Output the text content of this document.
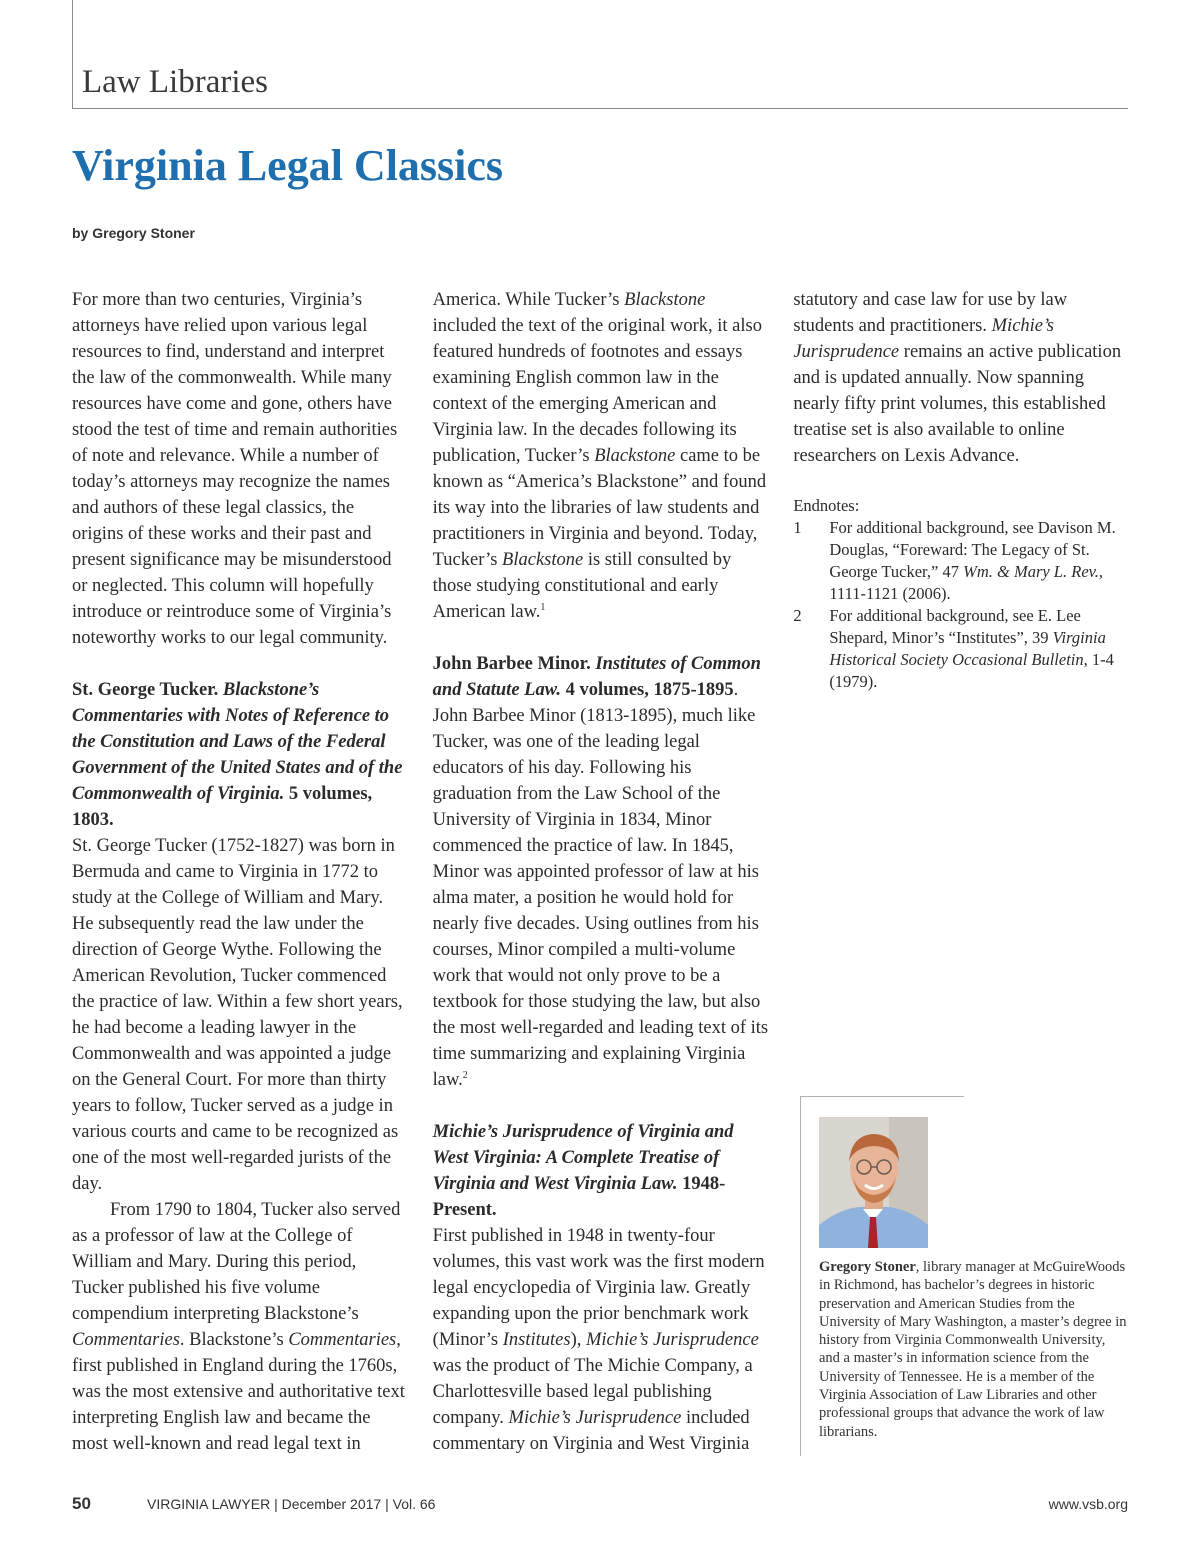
Law Libraries
Virginia Legal Classics
by Gregory Stoner

For more than two centuries, Virginia’s attorneys have relied upon various legal resources to find, understand and interpret the law of the commonwealth. While many resources have come and gone, others have stood the test of time and remain authorities of note and relevance. While a number of today’s attorneys may recognize the names and authors of these legal classics, the origins of these works and their past and present significance may be misunderstood or neglected. This column will hopefully introduce or reintroduce some of Virginia’s noteworthy works to our legal community.

St. George Tucker. Blackstone’s Commentaries with Notes of Reference to the Constitution and Laws of the Federal Government of the United States and of the Commonwealth of Virginia. 5 volumes, 1803.

St. George Tucker (1752-1827) was born in Bermuda and came to Virginia in 1772 to study at the College of William and Mary. He subsequently read the law under the direction of George Wythe. Following the American Revolution, Tucker commenced the practice of law. Within a few short years, he had become a leading lawyer in the Commonwealth and was appointed a judge on the General Court. For more than thirty years to follow, Tucker served as a judge in various courts and came to be recognized as one of the most well-regarded jurists of the day.

From 1790 to 1804, Tucker also served as a professor of law at the College of William and Mary. During this period, Tucker published his five volume compendium interpreting Blackstone’s Commentaries. Blackstone’s Commentaries, first published in England during the 1760s, was the most extensive and authoritative text interpreting English law and became the most well-known and read legal text in America. While Tucker’s Blackstone included the text of the original work, it also featured hundreds of footnotes and essays examining English common law in the context of the emerging American and Virginia law. In the decades following its publication, Tucker’s Blackstone came to be known as “America’s Blackstone” and found its way into the libraries of law students and practitioners in Virginia and beyond. Today, Tucker’s Blackstone is still consulted by those studying constitutional and early American law.$^1$

John Barbee Minor. Institutes of Common and Statute Law. 4 volumes, 1875-1895.

John Barbee Minor (1813-1895), much like Tucker, was one of the leading legal educators of his day. Following his graduation from the Law School of the University of Virginia in 1834, Minor commenced the practice of law. In 1845, Minor was appointed professor of law at his alma mater, a position he would hold for nearly five decades. Using outlines from his courses, Minor compiled a multi-volume work that would not only prove to be a textbook for those studying the law, but also the most well-regarded and leading text of its time summarizing and explaining Virginia law.$^2$

Michie’s Jurisprudence of Virginia and West Virginia: A Complete Treatise of Virginia and West Virginia Law. 1948-Present.

First published in 1948 in twenty-four volumes, this vast work was the first modern legal encyclopedia of Virginia law. Greatly expanding upon the prior benchmark work (Minor’s Institutes), Michie’s Jurisprudence was the product of The Michie Company, a Charlottesville based legal publishing company. Michie’s Jurisprudence included commentary on Virginia and West Virginia statutory and case law for use by law students and practitioners. Michie’s Jurisprudence remains an active publication and is updated annually. Now spanning nearly fifty print volumes, this established treatise set is also available to online researchers on Lexis Advance.

Endnotes:
1	For additional background, see Davison M. Douglas, “Foreward: The Legacy of St. George Tucker,” 47 Wm. & Mary L. Rev., 1111-1121 (2006).
2	For additional background, see E. Lee Shepard, Minor’s “Institutes”, 39 Virginia Historical Society Occasional Bulletin, 1-4 (1979).
Gregory Stoner, library manager at McGuireWoods in Richmond, has bachelor’s degrees in historic preservation and American Studies from the University of Mary Washington, a master’s degree in history from Virginia Commonwealth University, and a master’s in information science from the University of Tennessee. He is a member of the Virginia Association of Law Libraries and other professional groups that advance the work of law librarians.
50	VIRGINIA LAWYER | December 2017 | Vol. 66	www.vsb.org
